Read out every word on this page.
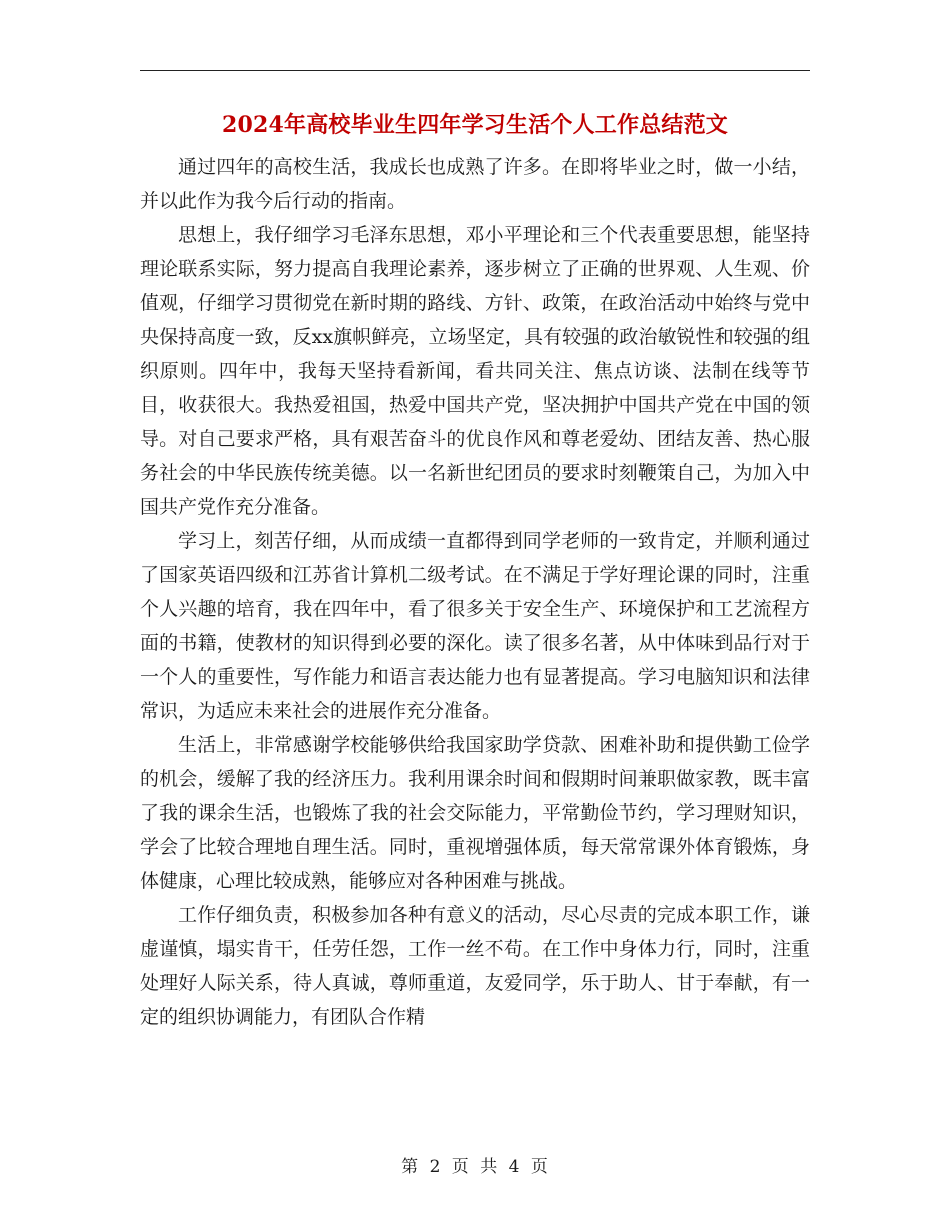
2024年高校毕业生四年学习生活个人工作总结范文

通过四年的高校生活，我成长也成熟了许多。在即将毕业之时，做一小结，并以此作为我今后行动的指南。

思想上，我仔细学习毛泽东思想，邓小平理论和三个代表重要思想，能坚持理论联系实际，努力提高自我理论素养，逐步树立了正确的世界观、人生观、价值观，仔细学习贯彻党在新时期的路线、方针、政策，在政治活动中始终与党中央保持高度一致，反xx旗帜鲜亮，立场坚定，具有较强的政治敏锐性和较强的组织原则。四年中，我每天坚持看新闻，看共同关注、焦点访谈、法制在线等节目，收获很大。我热爱祖国，热爱中国共产党，坚决拥护中国共产党在中国的领导。对自己要求严格，具有艰苦奋斗的优良作风和尊老爱幼、团结友善、热心服务社会的中华民族传统美德。以一名新世纪团员的要求时刻鞭策自己，为加入中国共产党作充分准备。

学习上，刻苦仔细，从而成绩一直都得到同学老师的一致肯定，并顺利通过了国家英语四级和江苏省计算机二级考试。在不满足于学好理论课的同时，注重个人兴趣的培育，我在四年中，看了很多关于安全生产、环境保护和工艺流程方面的书籍，使教材的知识得到必要的深化。读了很多名著，从中体味到品行对于一个人的重要性，写作能力和语言表达能力也有显著提高。学习电脑知识和法律常识，为适应未来社会的进展作充分准备。

生活上，非常感谢学校能够供给我国家助学贷款、困难补助和提供勤工俭学的机会，缓解了我的经济压力。我利用课余时间和假期时间兼职做家教，既丰富了我的课余生活，也锻炼了我的社会交际能力，平常勤俭节约，学习理财知识，学会了比较合理地自理生活。同时，重视增强体质，每天常常课外体育锻炼，身体健康，心理比较成熟，能够应对各种困难与挑战。

工作仔细负责，积极参加各种有意义的活动，尽心尽责的完成本职工作，谦虚谨慎，塌实肯干，任劳任怨，工作一丝不苟。在工作中身体力行，同时，注重处理好人际关系，待人真诚，尊师重道，友爱同学，乐于助人、甘于奉献，有一定的组织协调能力，有团队合作精

第 2 页 共 4 页
